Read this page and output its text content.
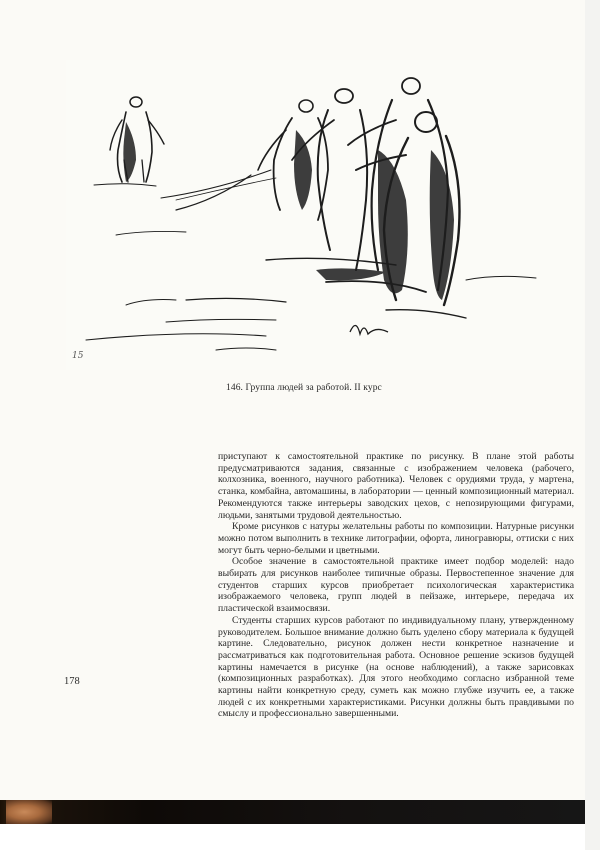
15
146. Группа людей за работой. II курс

приступают к самостоятельной практике по рисунку. В плане этой работы предусматриваются задания, связанные с изображением человека (рабочего, колхозника, военного, научного работника). Человек с орудиями труда, у мартена, станка, комбайна, автомашины, в лаборатории — ценный композиционный материал. Рекомендуются также интерьеры заводских цехов, с непозирующими фигурами, людьми, занятыми трудовой деятельностью.

Кроме рисунков с натуры желательны работы по композиции. Натурные рисунки можно потом выполнить в технике литографии, офорта, линогравюры, оттиски с них могут быть черно-белыми и цветными.

Особое значение в самостоятельной практике имеет подбор моделей: надо выбирать для рисунков наиболее типичные образы. Первостепенное значение для студентов старших курсов приобретает психологическая характеристика изображаемого человека, групп людей в пейзаже, интерьере, передача их пластической взаимосвязи.

Студенты старших курсов работают по индивидуальному плану, утвержденному руководителем. Большое внимание должно быть уделено сбору материала к будущей картине. Следовательно, рисунок должен нести конкретное назначение и рассматриваться как подготовительная работа. Основное решение эскизов будущей картины намечается в рисунке (на основе наблюдений), а также зарисовках (композиционных разработках). Для этого необходимо согласно избранной теме картины найти конкретную среду, суметь как можно глубже изучить ее, а также людей с их конкретными характеристиками. Рисунки должны быть правдивыми по смыслу и профессионально завершенными.

178
